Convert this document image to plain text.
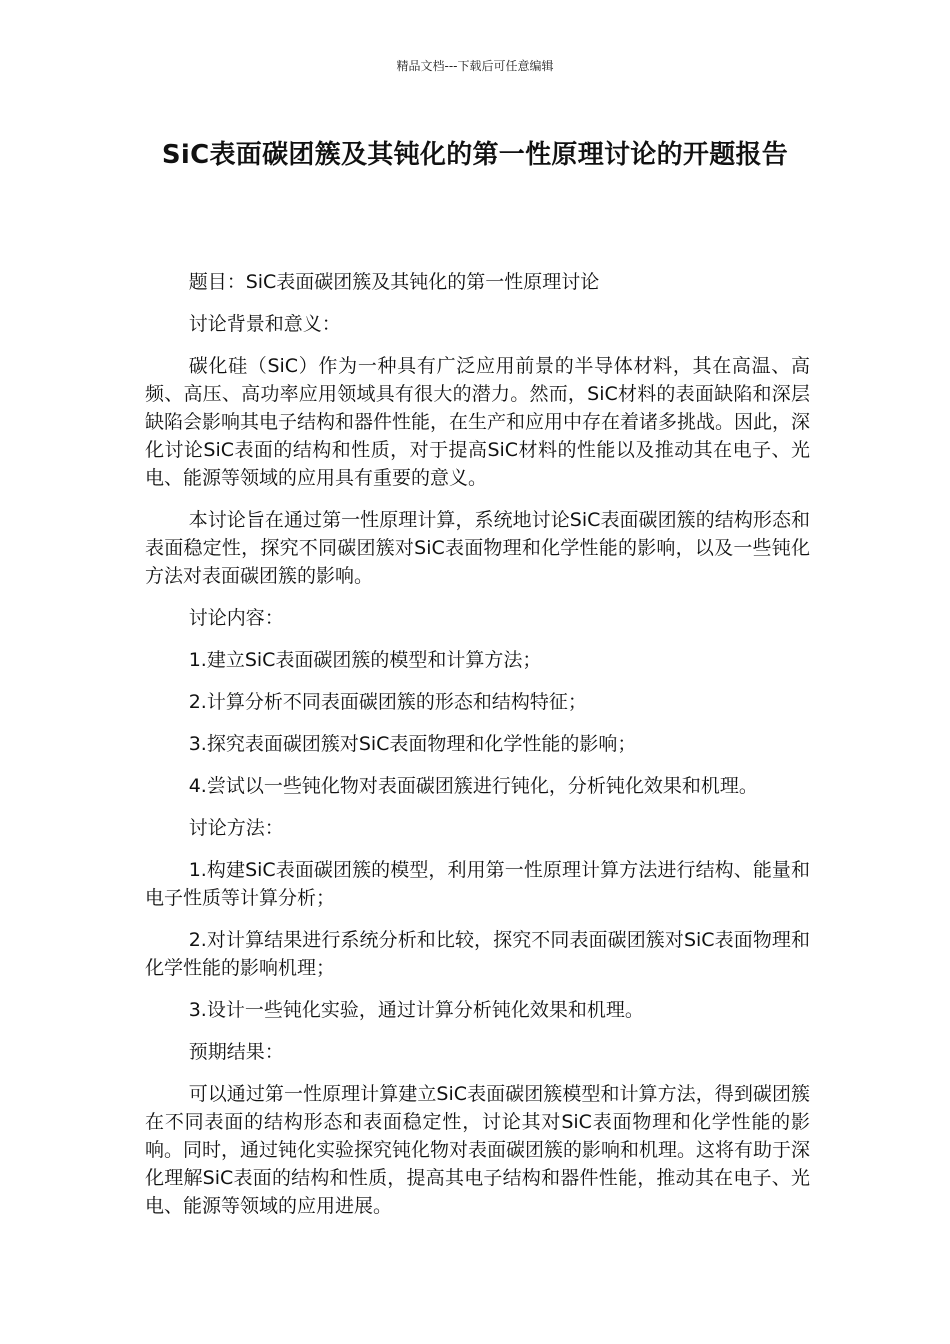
精品文档---下载后可任意编辑
SiC表面碳团簇及其钝化的第一性原理讨论的开题报告

题目：SiC表面碳团簇及其钝化的第一性原理讨论

讨论背景和意义：

碳化硅（SiC）作为一种具有广泛应用前景的半导体材料，其在高温、高频、高压、高功率应用领域具有很大的潜力。然而，SiC材料的表面缺陷和深层缺陷会影响其电子结构和器件性能，在生产和应用中存在着诸多挑战。因此，深化讨论SiC表面的结构和性质，对于提高SiC材料的性能以及推动其在电子、光电、能源等领域的应用具有重要的意义。

本讨论旨在通过第一性原理计算，系统地讨论SiC表面碳团簇的结构形态和表面稳定性，探究不同碳团簇对SiC表面物理和化学性能的影响，以及一些钝化方法对表面碳团簇的影响。

讨论内容：

1.建立SiC表面碳团簇的模型和计算方法；

2.计算分析不同表面碳团簇的形态和结构特征；

3.探究表面碳团簇对SiC表面物理和化学性能的影响；

4.尝试以一些钝化物对表面碳团簇进行钝化，分析钝化效果和机理。

讨论方法：

1.构建SiC表面碳团簇的模型，利用第一性原理计算方法进行结构、能量和电子性质等计算分析；

2.对计算结果进行系统分析和比较，探究不同表面碳团簇对SiC表面物理和化学性能的影响机理；

3.设计一些钝化实验，通过计算分析钝化效果和机理。

预期结果：

可以通过第一性原理计算建立SiC表面碳团簇模型和计算方法，得到碳团簇在不同表面的结构形态和表面稳定性，讨论其对SiC表面物理和化学性能的影响。同时，通过钝化实验探究钝化物对表面碳团簇的影响和机理。这将有助于深化理解SiC表面的结构和性质，提高其电子结构和器件性能，推动其在电子、光电、能源等领域的应用进展。
